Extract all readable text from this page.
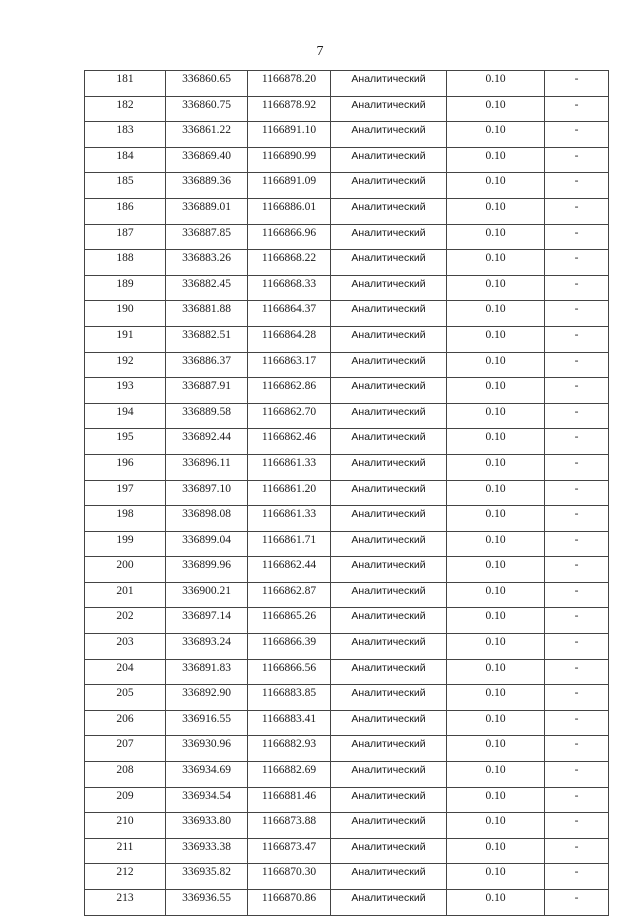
7
181	336860.65	1166878.20	Аналитический	0.10	-
182	336860.75	1166878.92	Аналитический	0.10	-
183	336861.22	1166891.10	Аналитический	0.10	-
184	336869.40	1166890.99	Аналитический	0.10	-
185	336889.36	1166891.09	Аналитический	0.10	-
186	336889.01	1166886.01	Аналитический	0.10	-
187	336887.85	1166866.96	Аналитический	0.10	-
188	336883.26	1166868.22	Аналитический	0.10	-
189	336882.45	1166868.33	Аналитический	0.10	-
190	336881.88	1166864.37	Аналитический	0.10	-
191	336882.51	1166864.28	Аналитический	0.10	-
192	336886.37	1166863.17	Аналитический	0.10	-
193	336887.91	1166862.86	Аналитический	0.10	-
194	336889.58	1166862.70	Аналитический	0.10	-
195	336892.44	1166862.46	Аналитический	0.10	-
196	336896.11	1166861.33	Аналитический	0.10	-
197	336897.10	1166861.20	Аналитический	0.10	-
198	336898.08	1166861.33	Аналитический	0.10	-
199	336899.04	1166861.71	Аналитический	0.10	-
200	336899.96	1166862.44	Аналитический	0.10	-
201	336900.21	1166862.87	Аналитический	0.10	-
202	336897.14	1166865.26	Аналитический	0.10	-
203	336893.24	1166866.39	Аналитический	0.10	-
204	336891.83	1166866.56	Аналитический	0.10	-
205	336892.90	1166883.85	Аналитический	0.10	-
206	336916.55	1166883.41	Аналитический	0.10	-
207	336930.96	1166882.93	Аналитический	0.10	-
208	336934.69	1166882.69	Аналитический	0.10	-
209	336934.54	1166881.46	Аналитический	0.10	-
210	336933.80	1166873.88	Аналитический	0.10	-
211	336933.38	1166873.47	Аналитический	0.10	-
212	336935.82	1166870.30	Аналитический	0.10	-
213	336936.55	1166870.86	Аналитический	0.10	-
